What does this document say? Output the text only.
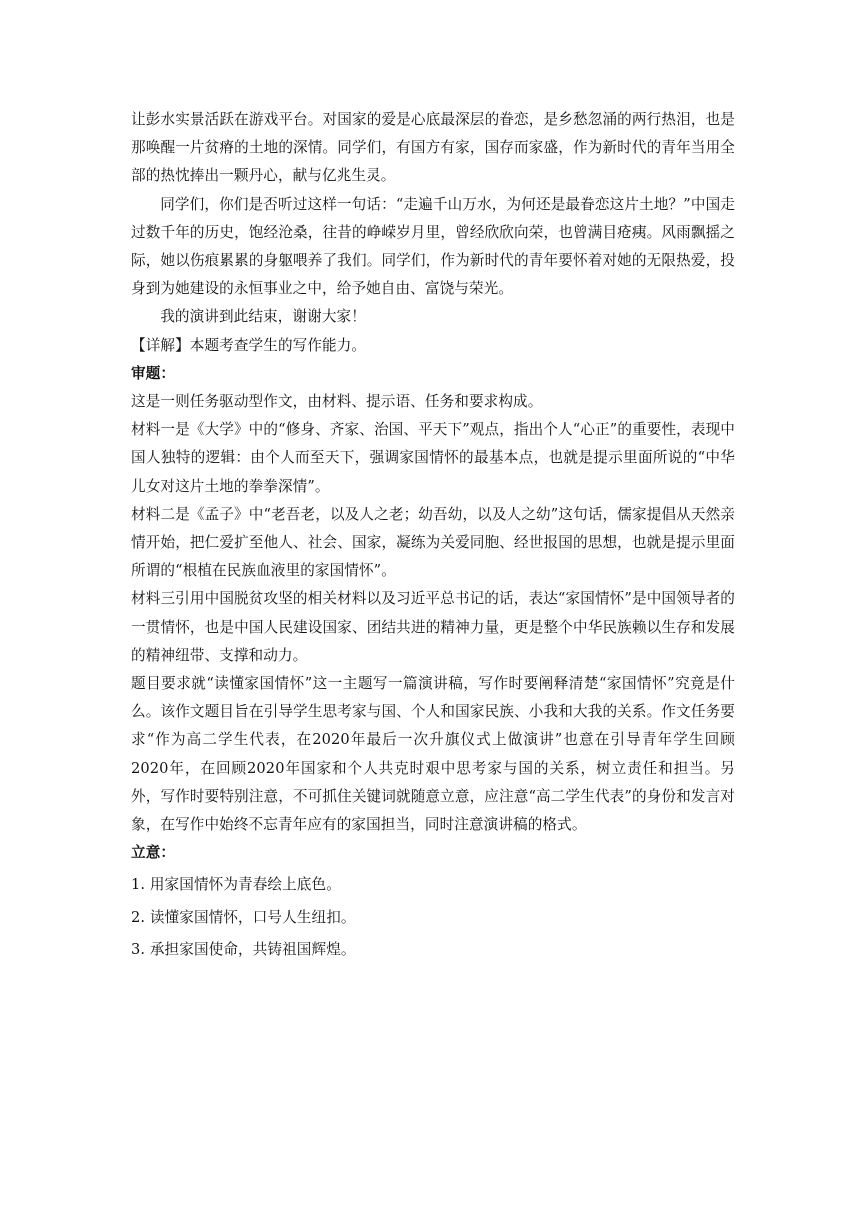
让彭水实景活跃在游戏平台。对国家的爱是心底最深层的眷恋，是乡愁忽涌的两行热泪，也是那唤醒一片贫瘠的土地的深情。同学们，有国方有家，国存而家盛，作为新时代的青年当用全部的热忱捧出一颗丹心，献与亿兆生灵。

同学们，你们是否听过这样一句话：“走遍千山万水，为何还是最眷恋这片土地？”中国走过数千年的历史，饱经沧桑，往昔的峥嵘岁月里，曾经欣欣向荣，也曾满目疮痍。风雨飘摇之际，她以伤痕累累的身躯喂养了我们。同学们，作为新时代的青年要怀着对她的无限热爱，投身到为她建设的永恒事业之中，给予她自由、富饶与荣光。

我的演讲到此结束，谢谢大家！

【详解】本题考查学生的写作能力。

审题：

这是一则任务驱动型作文，由材料、提示语、任务和要求构成。

材料一是《大学》中的“修身、齐家、治国、平天下”观点，指出个人“心正”的重要性，表现中国人独特的逻辑：由个人而至天下，强调家国情怀的最基本点，也就是提示里面所说的“中华儿女对这片土地的拳拳深情”。

材料二是《孟子》中“老吾老，以及人之老；幼吾幼，以及人之幼”这句话，儒家提倡从天然亲情开始，把仁爱扩至他人、社会、国家，凝练为关爱同胞、经世报国的思想，也就是提示里面所谓的“根植在民族血液里的家国情怀”。

材料三引用中国脱贫攻坚的相关材料以及习近平总书记的话，表达“家国情怀”是中国领导者的一贯情怀，也是中国人民建设国家、团结共进的精神力量，更是整个中华民族赖以生存和发展的精神纽带、支撑和动力。

题目要求就“读懂家国情怀”这一主题写一篇演讲稿，写作时要阐释清楚“家国情怀”究竟是什么。该作文题目旨在引导学生思考家与国、个人和国家民族、小我和大我的关系。作文任务要求“作为高二学生代表，在2020年最后一次升旗仪式上做演讲”也意在引导青年学生回顾2020年，在回顾2020年国家和个人共克时艰中思考家与国的关系，树立责任和担当。另外，写作时要特别注意，不可抓住关键词就随意立意，应注意“高二学生代表”的身份和发言对象，在写作中始终不忘青年应有的家国担当，同时注意演讲稿的格式。

立意：

1. 用家国情怀为青春绘上底色。

2. 读懂家国情怀，口号人生纽扣。

3. 承担家国使命，共铸祖国辉煌。
